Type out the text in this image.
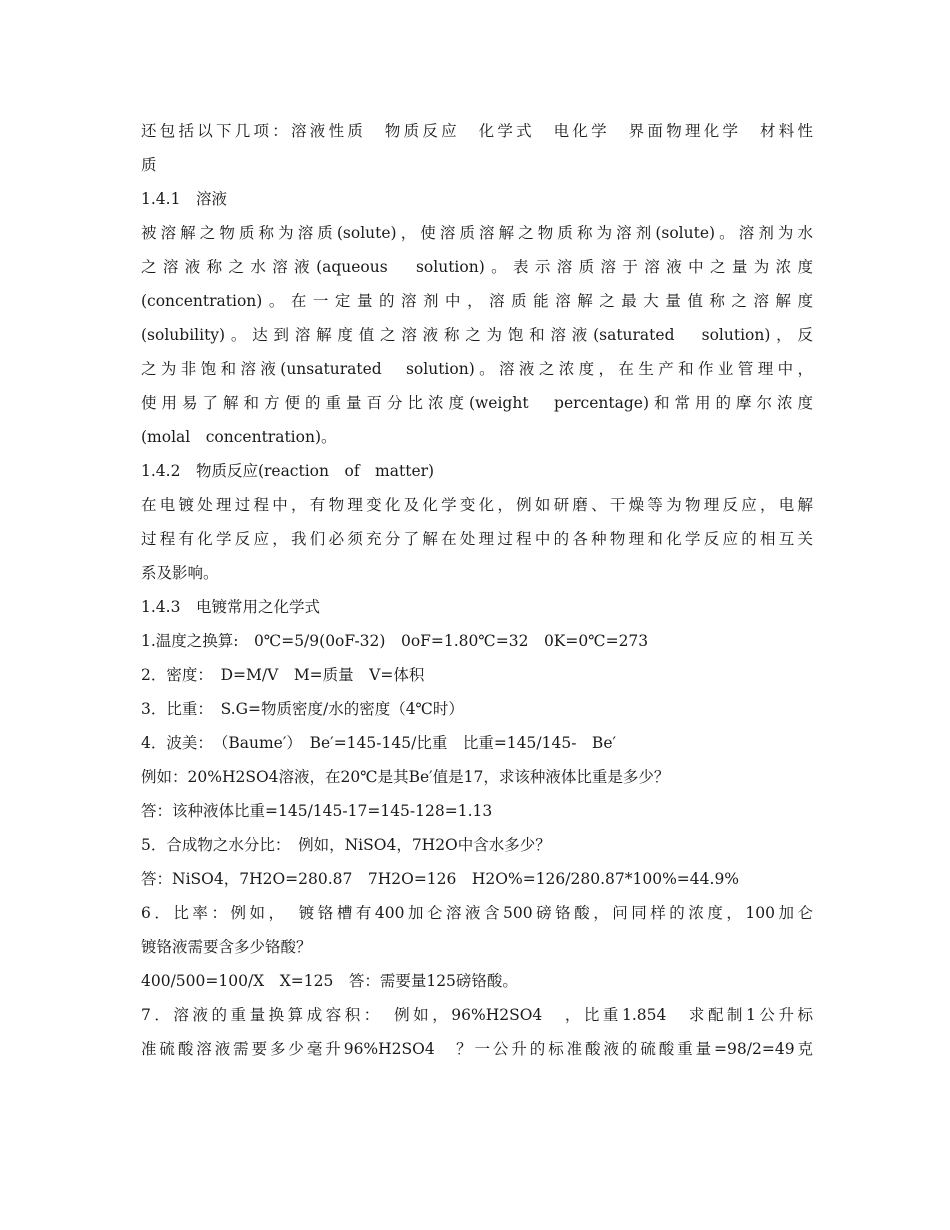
还包括以下几项：溶液性质　物质反应　化学式　电化学　界面物理化学　材料性
质
1.4.1　溶液
被溶解之物质称为溶质(solute)，使溶质溶解之物质称为溶剂(solute)。溶剂为水
之溶液称之水溶液(aqueous　solution)。表示溶质溶于溶液中之量为浓度
(concentration)。在一定量的溶剂中，溶质能溶解之最大量值称之溶解度
(solubility)。达到溶解度值之溶液称之为饱和溶液(saturated　solution)，反
之为非饱和溶液(unsaturated　solution)。溶液之浓度，在生产和作业管理中，
使用易了解和方便的重量百分比浓度(weight　percentage)和常用的摩尔浓度
(molal　concentration)。
1.4.2　物质反应(reaction　of　matter)
在电镀处理过程中，有物理变化及化学变化，例如研磨、干燥等为物理反应，电解
过程有化学反应，我们必须充分了解在处理过程中的各种物理和化学反应的相互关
系及影响。
1.4.3　电镀常用之化学式
1.温度之换算:　0℃=5/9(0oF-32)　0oF=1.80℃=32　0K=0℃=273
2．密度：　D=M/V　M=质量　V=体积
3．比重：　S.G=物质密度/水的密度（4℃时）
4．波美：　（Baume′）　Be′=145-145/比重　比重=145/145-　Be′
例如：20%H2SO4溶液，在20℃是其Be′值是17，求该种液体比重是多少？
答：该种液体比重=145/145-17=145-128=1.13
5．合成物之水分比：　例如，NiSO4，7H2O中含水多少？
答：NiSO4，7H2O=280.87　7H2O=126　H2O%=126/280.87*100%=44.9%
6．比率：例如，　镀铬槽有400加仑溶液含500磅铬酸，问同样的浓度，100加仑
镀铬液需要含多少铬酸？
400/500=100/X　X=125　答：需要量125磅铬酸。
7．溶液的重量换算成容积：　例如，96%H2SO4　，比重1.854　求配制1公升标
准硫酸溶液需要多少毫升96%H2SO4　？一公升的标准酸液的硫酸重量=98/2=49克
